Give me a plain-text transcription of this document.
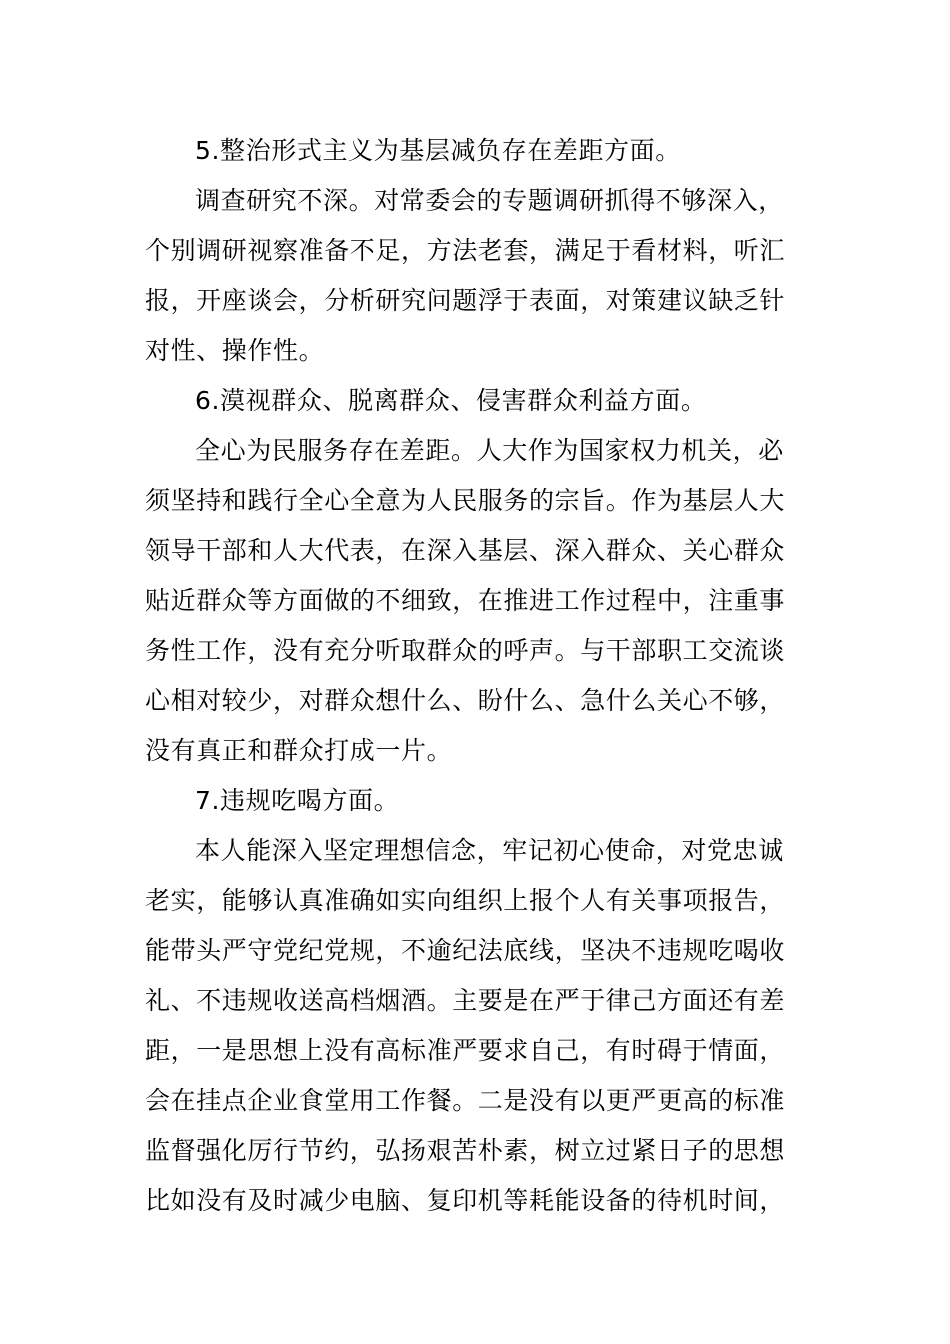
5.整治形式主义为基层减负存在差距方面。
调查研究不深。对常委会的专题调研抓得不够深入，
个别调研视察准备不足，方法老套，满足于看材料，听汇
报，开座谈会，分析研究问题浮于表面，对策建议缺乏针
对性、操作性。
6.漠视群众、脱离群众、侵害群众利益方面。
全心为民服务存在差距。人大作为国家权力机关，必
须坚持和践行全心全意为人民服务的宗旨。作为基层人大
领导干部和人大代表，在深入基层、深入群众、关心群众
贴近群众等方面做的不细致，在推进工作过程中，注重事
务性工作，没有充分听取群众的呼声。与干部职工交流谈
心相对较少，对群众想什么、盼什么、急什么关心不够，
没有真正和群众打成一片。
7.违规吃喝方面。
本人能深入坚定理想信念，牢记初心使命，对党忠诚
老实，能够认真准确如实向组织上报个人有关事项报告，
能带头严守党纪党规，不逾纪法底线，坚决不违规吃喝收
礼、不违规收送高档烟酒。主要是在严于律己方面还有差
距，一是思想上没有高标准严要求自己，有时碍于情面，
会在挂点企业食堂用工作餐。二是没有以更严更高的标准
监督强化厉行节约，弘扬艰苦朴素，树立过紧日子的思想
比如没有及时减少电脑、复印机等耗能设备的待机时间，
